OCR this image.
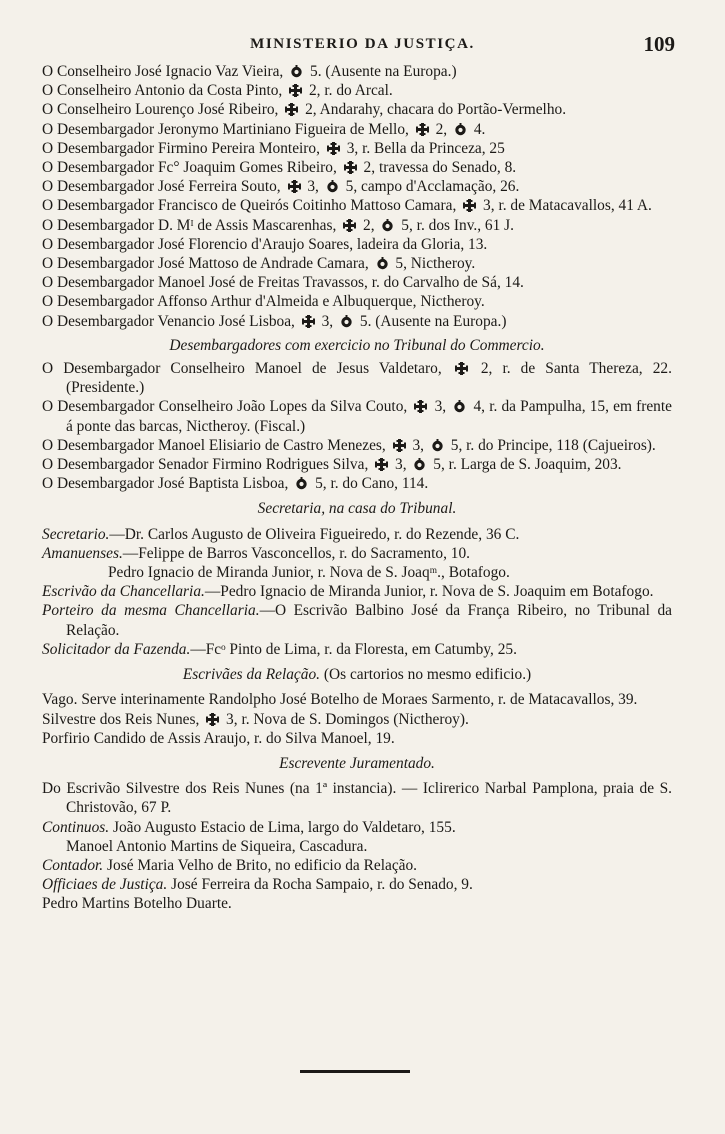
MINISTERIO DA JUSTIÇA.	109

O Conselheiro José Ignacio Vaz Vieira, 5. (Ausente na Europa.)

O Conselheiro Antonio da Costa Pinto, 2, r. do Arcal.

O Conselheiro Lourenço José Ribeiro, 2, Andarahy, chacara do Portão-Vermelho.

O Desembargador Jeronymo Martiniano Figueira de Mello, 2, 4.

O Desembargador Firmino Pereira Monteiro, 3, r. Bella da Princeza, 25

O Desembargador Fc° Joaquim Gomes Ribeiro, 2, travessa do Senado, 8.

O Desembargador José Ferreira Souto, 3, 5, campo d'Acclamação, 26.

O Desembargador Francisco de Queirós Coitinho Mattoso Camara, 3, r. de Matacavallos, 41 A.

O Desembargador D. Mᴵ de Assis Mascarenhas, 2, 5, r. dos Inv., 61 J.

O Desembargador José Florencio d'Araujo Soares, ladeira da Gloria, 13.

O Desembargador José Mattoso de Andrade Camara, 5, Nictheroy.

O Desembargador Manoel José de Freitas Travassos, r. do Carvalho de Sá, 14.

O Desembargador Affonso Arthur d'Almeida e Albuquerque, Nictheroy.

O Desembargador Venancio José Lisboa, 3, 5. (Ausente na Europa.)

Desembargadores com exercicio no Tribunal do Commercio.

O Desembargador Conselheiro Manoel de Jesus Valdetaro,	2, r. de Santa Thereza, 22. (Presidente.)

O Desembargador Conselheiro João Lopes da Silva Couto, 3, 4, r. da Pampulha, 15, em frente á ponte das barcas, Nictheroy. (Fiscal.)

O Desembargador Manoel Elisiario de Castro Menezes, 3, 5, r. do Principe, 118 (Cajueiros).

O Desembargador Senador Firmino Rodrigues Silva, 3, 5, r. Larga de S. Joaquim, 203.

O Desembargador José Baptista Lisboa, 5, r. do Cano, 114.

Secretaria, na casa do Tribunal.

Secretario.—Dr. Carlos Augusto de Oliveira Figueiredo, r. do Rezende, 36 C.

Amanuenses.—Felippe de Barros Vasconcellos, r. do Sacramento, 10.

Pedro Ignacio de Miranda Junior, r. Nova de S. Joaqᵐ., Botafogo.

Escrivão da Chancellaria.—Pedro Ignacio de Miranda Junior, r. Nova de S. Joaquim em Botafogo.

Porteiro da mesma Chancellaria.—O Escrivão Balbino José da França Ribeiro, no Tribunal da Relação.

Solicitador da Fazenda.—Fcᵒ Pinto de Lima, r. da Floresta, em Catumby, 25.

Escrivães da Relação. (Os cartorios no mesmo edificio.)

Vago. Serve interinamente Randolpho José Botelho de Moraes Sarmento, r. de Matacavallos, 39.

Silvestre dos Reis Nunes, 3, r. Nova de S. Domingos (Nictheroy).

Porfirio Candido de Assis Araujo, r. do Silva Manoel, 19.

Escrevente Juramentado.

Do Escrivão Silvestre dos Reis Nunes (na 1ª instancia). — Iclirerico Narbal Pamplona, praia de S. Christovão, 67 P.

Continuos. João Augusto Estacio de Lima, largo do Valdetaro, 155.

Manoel Antonio Martins de Siqueira, Cascadura.

Contador. José Maria Velho de Brito, no edificio da Relação.

Officiaes de Justiça. José Ferreira da Rocha Sampaio, r. do Senado, 9.

Pedro Martins Botelho Duarte.
